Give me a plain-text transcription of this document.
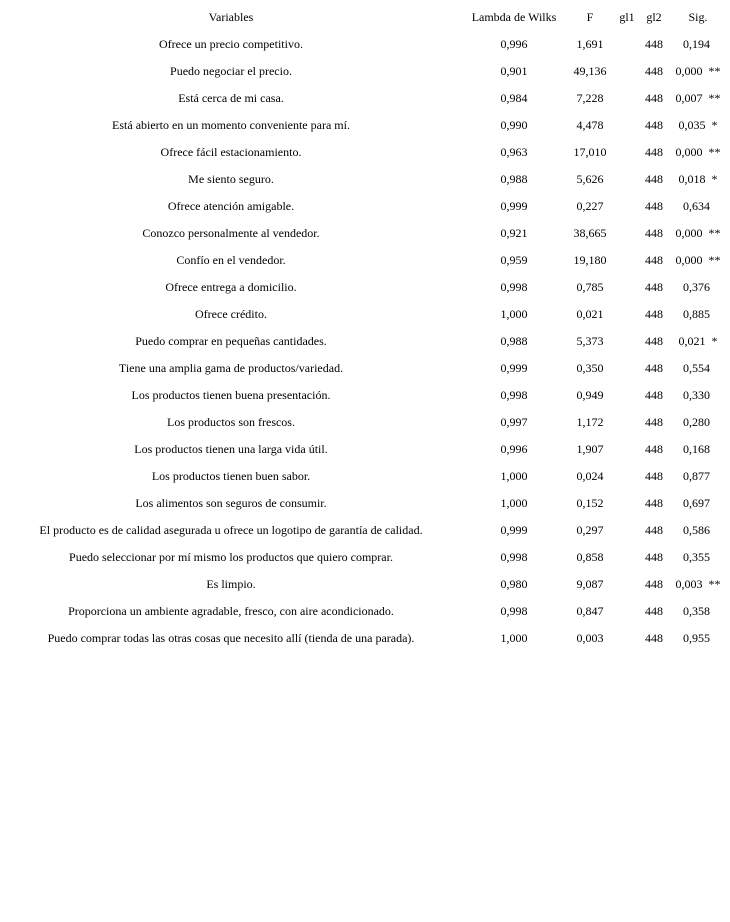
Variables	Lambda de Wilks	F	gl1	gl2	Sig.
Ofrece un precio competitivo.	0,996	1,691		448	0,194
Puedo negociar el precio.	0,901	49,136		448	0,000 **
Está cerca de mi casa.	0,984	7,228		448	0,007 **
Está abierto en un momento conveniente para mí.	0,990	4,478		448	0,035 *
Ofrece fácil estacionamiento.	0,963	17,010		448	0,000 **
Me siento seguro.	0,988	5,626		448	0,018 *
Ofrece atención amigable.	0,999	0,227		448	0,634
Conozco personalmente al vendedor.	0,921	38,665		448	0,000 **
Confío en el vendedor.	0,959	19,180		448	0,000 **
Ofrece entrega a domicilio.	0,998	0,785		448	0,376
Ofrece crédito.	1,000	0,021		448	0,885
Puedo comprar en pequeñas cantidades.	0,988	5,373		448	0,021 *
Tiene una amplia gama de productos/variedad.	0,999	0,350		448	0,554
Los productos tienen buena presentación.	0,998	0,949		448	0,330
Los productos son frescos.	0,997	1,172		448	0,280
Los productos tienen una larga vida útil.	0,996	1,907		448	0,168
Los productos tienen buen sabor.	1,000	0,024		448	0,877
Los alimentos son seguros de consumir.	1,000	0,152		448	0,697
El producto es de calidad asegurada u ofrece un logotipo de garantía de calidad.	0,999	0,297		448	0,586
Puedo seleccionar por mí mismo los productos que quiero comprar.	0,998	0,858		448	0,355
Es limpio.	0,980	9,087		448	0,003 **
Proporciona un ambiente agradable, fresco, con aire acondicionado.	0,998	0,847		448	0,358
Puedo comprar todas las otras cosas que necesito allí (tienda de una parada).	1,000	0,003		448	0,955
